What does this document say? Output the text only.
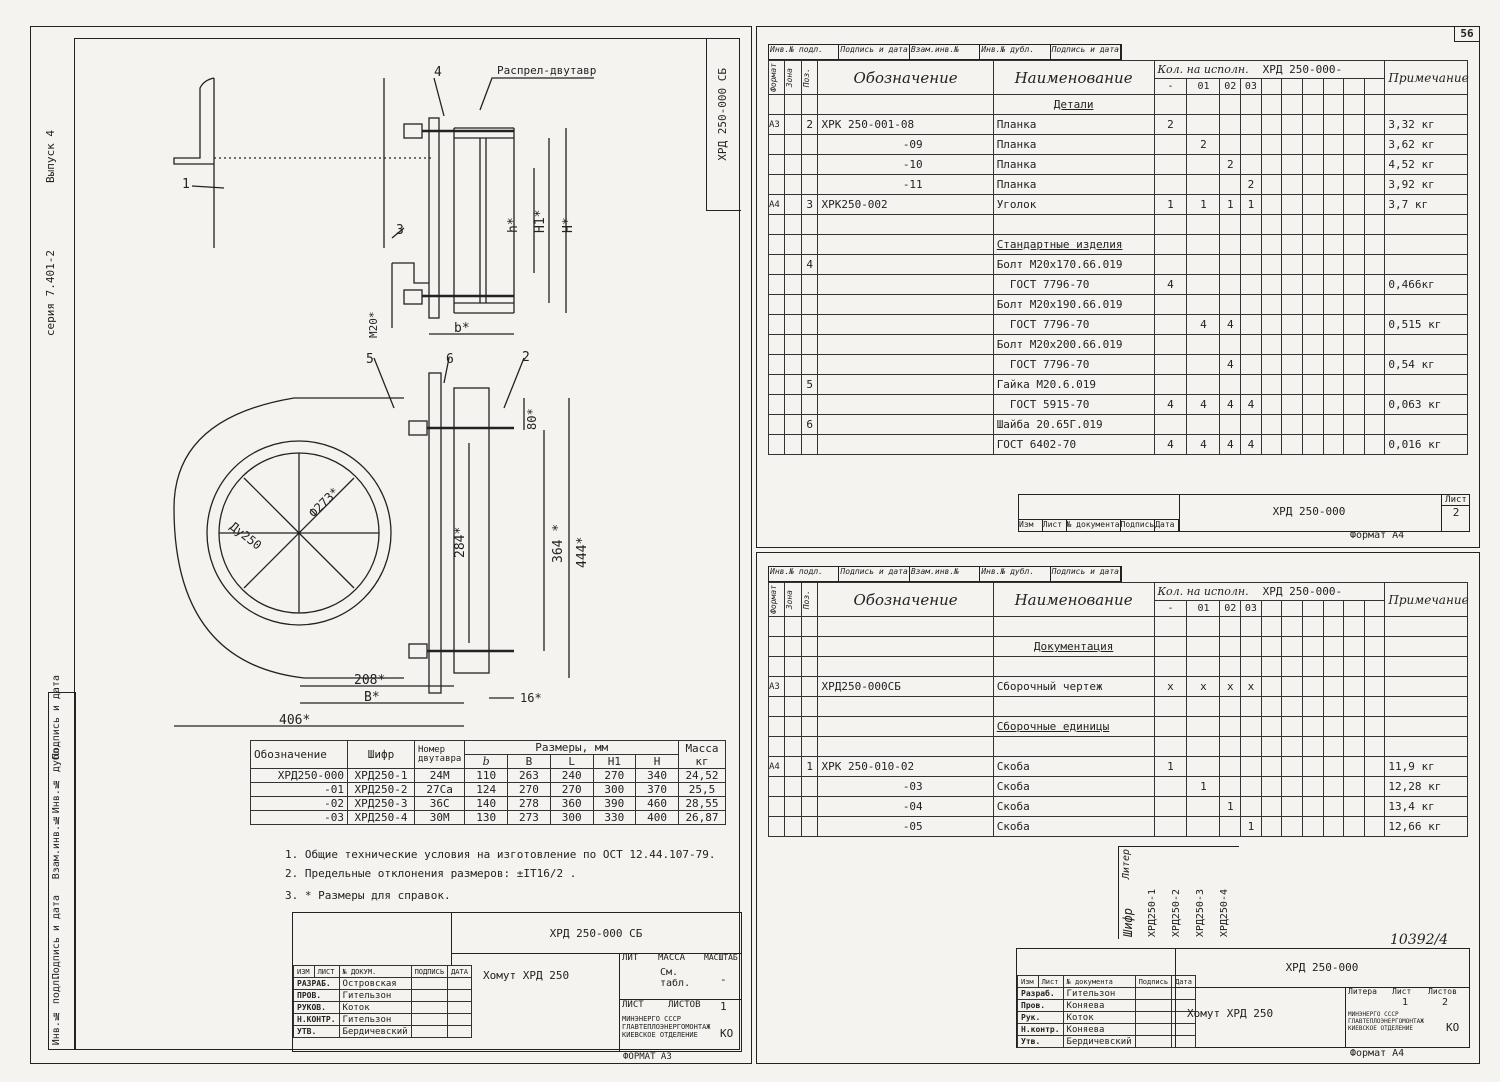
56
серия 7.401-2
Выпуск 4	ХРД 250-000 СБ
Инв.№ подл.
Подпись и дата
Взам.инв.№
Инв.№ дубл.
Подпись и дата
4	Распрел-двутавр
1
3	h* H1* H*
b*
M20*
5	6	2
80*
Ду250
Ф273*
284*	364 * 444*
208*
B*	16*
406*
Обозначение	Шифр	Номер двутавра	Размеры, мм					Масса кг
			b	B	L	H1	H	
ХРД250-000	ХРД250-1	24М	110	263	240	270	340	24,52
-01	ХРД250-2	27Са	124	270	270	300	370	25,5
-02	ХРД250-3	36С	140	278	360	390	460	28,55
-03	ХРД250-4	30М	130	273	300	330	400	26,87
1. Общие технические условия на изготовление по ОСТ 12.44.107-79.
2. Предельные отклонения размеров: ±IT16/2 .
3. * Размеры для справок.
ХРД 250-000 СБ
Хомут ХРД 250
ЛИТ МАССА МАСШТАБ
См. табл.	-
ЛИСТ	ЛИСТОВ 1
МИНЭНЕРГО СССР ГЛАВТЕПЛОЭНЕРГОМОНТАЖ КИЕВСКОЕ ОТДЕЛЕНИЕ	КО
ИЗМ	ЛИСТ	№ ДОКУМ.	ПОДПИСЬ	ДАТА
РАЗРАБ.		Островская		
ПРОВ.		Гительзон		
РУКОВ.		Коток		
Н.КОНТР.		Гительзон		
УТВ.		Бердичевский		
ФОРМАТ А3
Инв.№ подл.	Подпись и дата Взам.инв.№	Инв.№ дубл.	Подпись и дата
Формат	Зона	Поз.	Обозначение	Наименование	Кол. на исполн. ХРД 250-000-										Примечание
					-	01	02	03							
				Детали											
А3		2	ХРК 250-001-08	Планка	2										3,32 кг
			-09	Планка		2									3,62 кг
			-10	Планка			2								4,52 кг
			-11	Планка				2							3,92 кг
А4		3	ХРК250-002	Уголок	1	1	1	1							3,7 кг

				Стандартные изделия											
		4		Болт М20х170.66.019											
				ГОСТ 7796-70	4										0,466кг
				Болт М20х190.66.019											
				ГОСТ 7796-70		4	4								0,515 кг
				Болт М20х200.66.019											
				ГОСТ 7796-70			4								0,54 кг
		5		Гайка М20.6.019											
				ГОСТ 5915-70	4	4	4	4							0,063 кг
		6		Шайба 20.65Г.019											
				ГОСТ 6402-70	4	4	4	4							0,016 кг
Инв.№ подл.	Подпись и дата Взам.инв.№	Инв.№ дубл.	Подпись и дата
Формат	Зона	Поз.	Обозначение	Наименование	Кол. на исполн. ХРД 250-000-										Примечание
					-	01	02	03							

				Документация											

А3			ХРД250-000СБ	Сборочный чертеж	х	х	х	х							

				Сборочные единицы											

А4		1	ХРК 250-010-02	Скоба	1										11,9 кг
			-03	Скоба		1									12,28 кг
			-04	Скоба			1								13,4 кг
			-05	Скоба				1							12,66 кг
Изм	Лист № документа Подпись Дата
ХРД 250-000
Лист
2
Формат А4
Шифр
Литер
ХРД250-1 ХРД250-2 ХРД250-3 ХРД250-4
10392/4
Изм	Лист	№ документа	Подпись	Дата
Разраб.		Гительзон		
Пров.		Коняева		
Рук.		Коток		
Н.контр.		Коняева		
Утв.		Бердичевский		
ХРД 250-000
Хомут ХРД 250
Литера Лист Листов
1	2
МИНЭНЕРГО СССР ГЛАВТЕПЛОЭНЕРГОМОНТАЖ КИЕВСКОЕ ОТДЕЛЕНИЕ	КО
Формат А4
